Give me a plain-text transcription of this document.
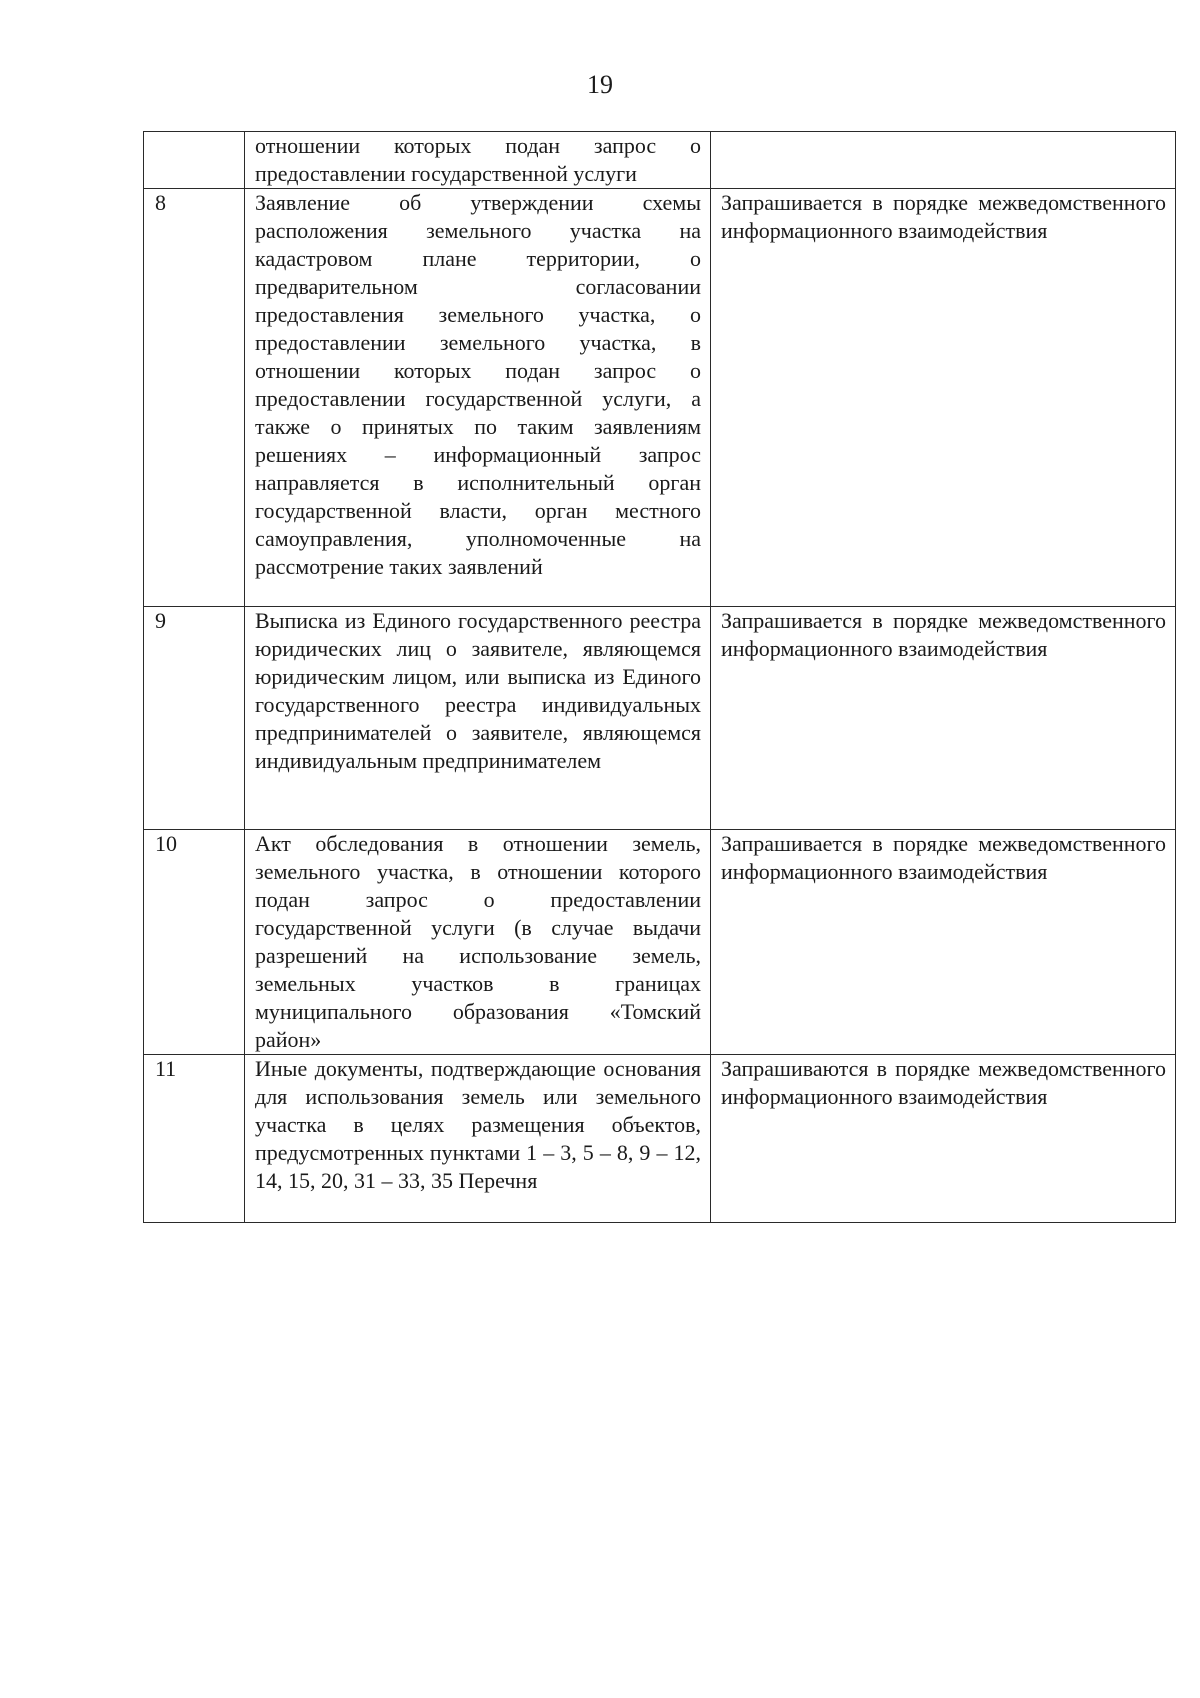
19

	отношении которых подан запрос о предоставлении государственной услуги	

8	Заявление об утверждении схемы расположения земельного участка на кадастровом плане территории, о предварительном согласовании предоставления земельного участка, о предоставлении земельного участка, в отношении которых подан запрос о предоставлении государственной услуги, а также о принятых по таким заявлениям решениях – информационный запрос направляется в исполнительный орган государственной власти, орган местного самоуправления, уполномоченные на рассмотрение таких заявлений	Запрашивается в порядке межведомственного информационного взаимодействия

9	Выписка из Единого государственного реестра юридических лиц о заявителе, являющемся юридическим лицом, или выписка из Единого государственного реестра индивидуальных предпринимателей о заявителе, являющемся индивидуальным предпринимателем	Запрашивается в порядке межведомственного информационного взаимодействия

10	Акт обследования в отношении земель, земельного участка, в отношении которого подан запрос о предоставлении государственной услуги (в случае выдачи разрешений на использование земель, земельных участков в границах муниципального образования «Томский район»	Запрашивается в порядке межведомственного информационного взаимодействия

11	Иные документы, подтверждающие основания для использования земель или земельного участка в целях размещения объектов, предусмотренных пунктами 1 – 3, 5 – 8, 9 – 12, 14, 15, 20, 31 – 33, 35 Перечня	Запрашиваются в порядке межведомственного информационного взаимодействия
